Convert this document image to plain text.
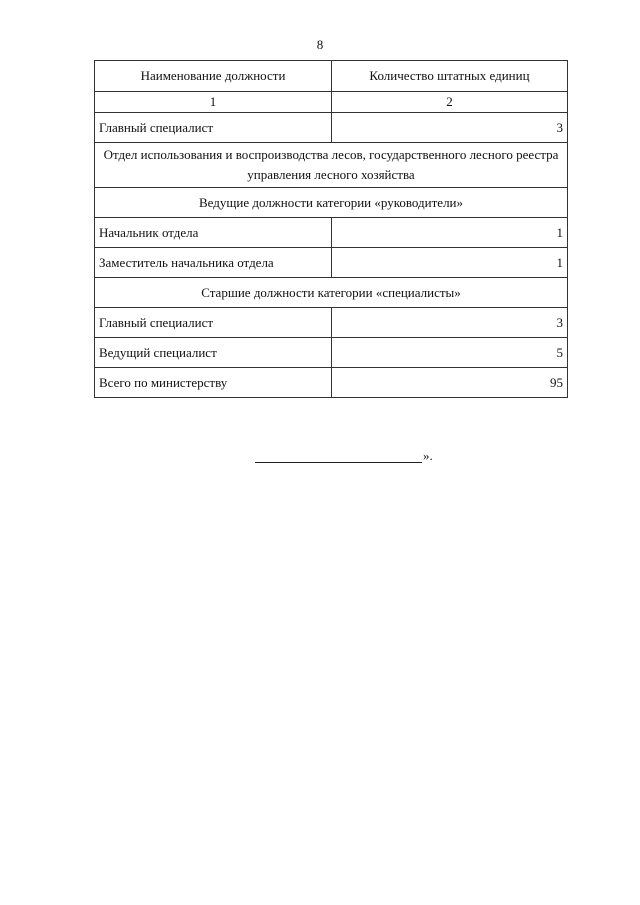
8
Наименование должности	Количество штатных единиц
1	2
Главный специалист	3
Отдел использования и воспроизводства лесов, государственного лесного реестра управления лесного хозяйства	
Ведущие должности категории «руководители»	
Начальник отдела	1
Заместитель начальника отдела	1
Старшие должности категории «специалисты»	
Главный специалист	3
Ведущий специалист	5
Всего по министерству	95
».
